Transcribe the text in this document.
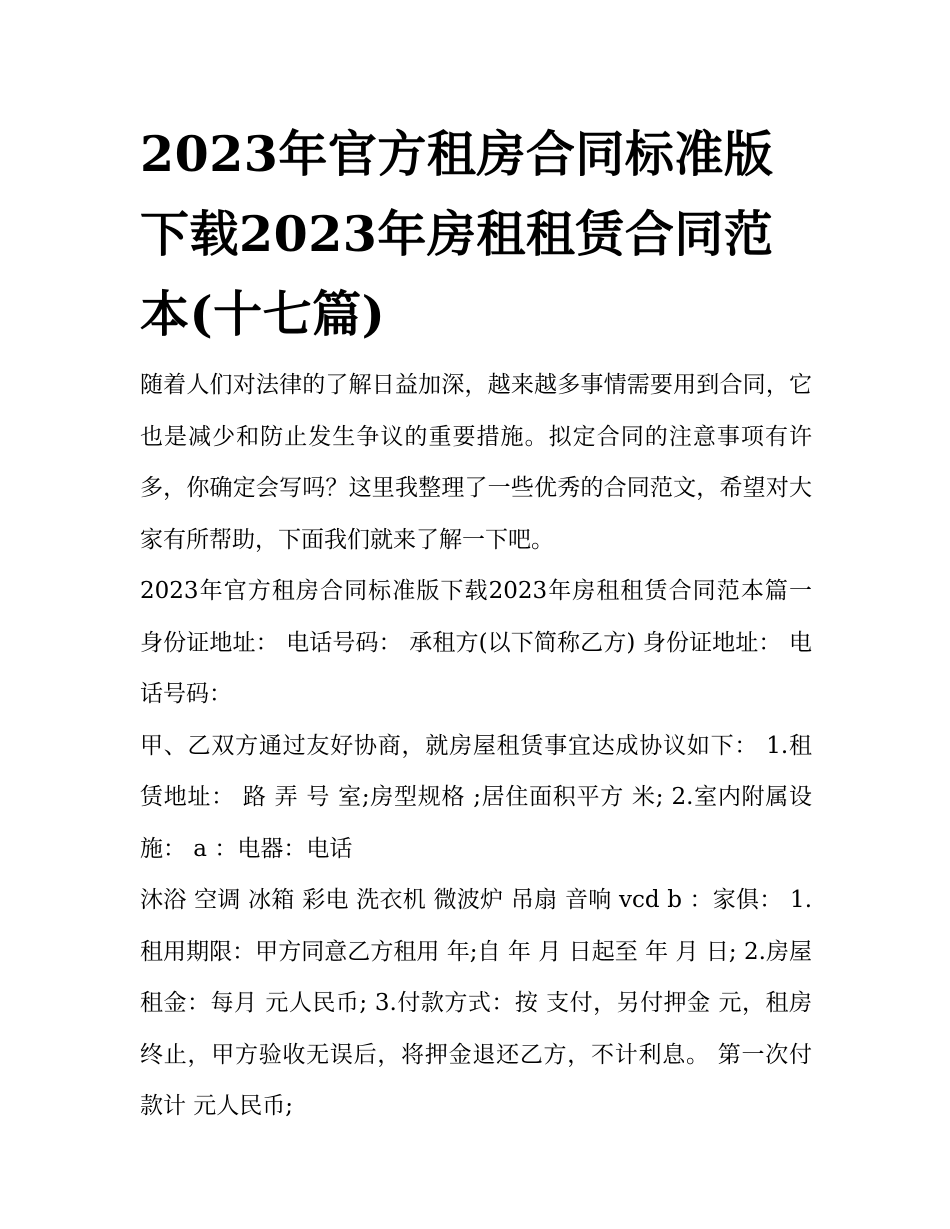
2023年官方租房合同标准版下载2023年房租租赁合同范本(十七篇)

随着人们对法律的了解日益加深，越来越多事情需要用到合同，它也是减少和防止发生争议的重要措施。拟定合同的注意事项有许多，你确定会写吗？这里我整理了一些优秀的合同范文，希望对大家有所帮助，下面我们就来了解一下吧。

2023年官方租房合同标准版下载2023年房租租赁合同范本篇一 身份证地址： 电话号码： 承租方(以下简称乙方) 身份证地址： 电话号码：

甲、乙双方通过友好协商，就房屋租赁事宜达成协议如下： 1.租赁地址： 路 弄 号 室;房型规格 ;居住面积平方 米; 2.室内附属设施： a ：电器：电话

沐浴 空调 冰箱 彩电 洗衣机 微波炉 吊扇 音响 vcd b ：家俱： 1.租用期限：甲方同意乙方租用 年;自 年 月 日起至 年 月 日; 2.房屋租金：每月 元人民币; 3.付款方式：按 支付，另付押金 元，租房终止，甲方验收无误后，将押金退还乙方，不计利息。 第一次付款计 元人民币;
